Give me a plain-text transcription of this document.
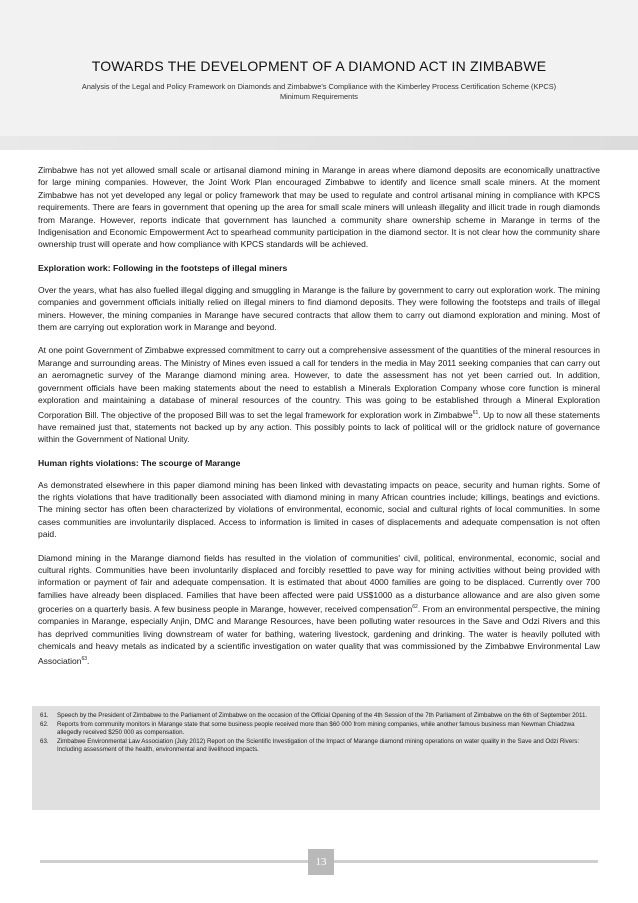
TOWARDS THE DEVELOPMENT OF A DIAMOND ACT IN ZIMBABWE
Analysis of the Legal and Policy Framework on Diamonds and Zimbabwe's Compliance with the Kimberley Process Certification Scheme (KPCS) Minimum Requirements

Zimbabwe has not yet allowed small scale or artisanal diamond mining in Marange in areas where diamond deposits are economically unattractive for large mining companies. However, the Joint Work Plan encouraged Zimbabwe to identify and licence small scale miners. At the moment Zimbabwe has not yet developed any legal or policy framework that may be used to regulate and control artisanal mining in compliance with KPCS requirements. There are fears in government that opening up the area for small scale miners will unleash illegality and illicit trade in rough diamonds from Marange. However, reports indicate that government has launched a community share ownership scheme in Marange in terms of the Indigenisation and Economic Empowerment Act to spearhead community participation in the diamond sector. It is not clear how the community share ownership trust will operate and how compliance with KPCS standards will be achieved.

Exploration work: Following in the footsteps of illegal miners

Over the years, what has also fuelled illegal digging and smuggling in Marange is the failure by government to carry out exploration work. The mining companies and government officials initially relied on illegal miners to find diamond deposits. They were following the footsteps and trails of illegal miners. However, the mining companies in Marange have secured contracts that allow them to carry out diamond exploration and mining. Most of them are carrying out exploration work in Marange and beyond.

At one point Government of Zimbabwe expressed commitment to carry out a comprehensive assessment of the quantities of the mineral resources in Marange and surrounding areas. The Ministry of Mines even issued a call for tenders in the media in May 2011 seeking companies that can carry out an aeromagnetic survey of the Marange diamond mining area. However, to date the assessment has not yet been carried out. In addition, government officials have been making statements about the need to establish a Minerals Exploration Company whose core function is mineral exploration and maintaining a database of mineral resources of the country. This was going to be established through a Mineral Exploration Corporation Bill. The objective of the proposed Bill was to set the legal framework for exploration work in Zimbabwe$^{61}$. Up to now all these statements have remained just that, statements not backed up by any action. This possibly points to lack of political will or the gridlock nature of governance within the Government of National Unity.

Human rights violations: The scourge of Marange

As demonstrated elsewhere in this paper diamond mining has been linked with devastating impacts on peace, security and human rights. Some of the rights violations that have traditionally been associated with diamond mining in many African countries include; killings, beatings and evictions. The mining sector has often been characterized by violations of environmental, economic, social and cultural rights of local communities. In some cases communities are involuntarily displaced. Access to information is limited in cases of displacements and adequate compensation is not often paid.

Diamond mining in the Marange diamond fields has resulted in the violation of communities' civil, political, environmental, economic, social and cultural rights. Communities have been involuntarily displaced and forcibly resettled to pave way for mining activities without being provided with information or payment of fair and adequate compensation. It is estimated that about 4000 families are going to be displaced. Currently over 700 families have already been displaced. Families that have been affected were paid US$1000 as a disturbance allowance and are also given some groceries on a quarterly basis. A few business people in Marange, however, received compensation$^{62}$. From an environmental perspective, the mining companies in Marange, especially Anjin, DMC and Marange Resources, have been polluting water resources in the Save and Odzi Rivers and this has deprived communities living downstream of water for bathing, watering livestock, gardening and drinking. The water is heavily polluted with chemicals and heavy metals as indicated by a scientific investigation on water quality that was commissioned by the Zimbabwe Environmental Law Association$^{63}$.

61.	Speech by the President of Zimbabwe to the Parliament of Zimbabwe on the occasion of the Official Opening of the 4th Session of the 7th Parliament of Zimbabwe on the 6th of September 2011.
62.	Reports from community monitors in Marange state that some business people received more than $60 000 from mining companies, while another famous business man Newman Chiadzwa allegedly received $250 000 as compensation.
63.	Zimbabwe Environmental Law Association (July 2012) Report on the Scientific Investigation of the Impact of Marange diamond mining operations on water quality in the Save and Odzi Rivers: Including assessment of the health, environmental and livelihood impacts.
13
